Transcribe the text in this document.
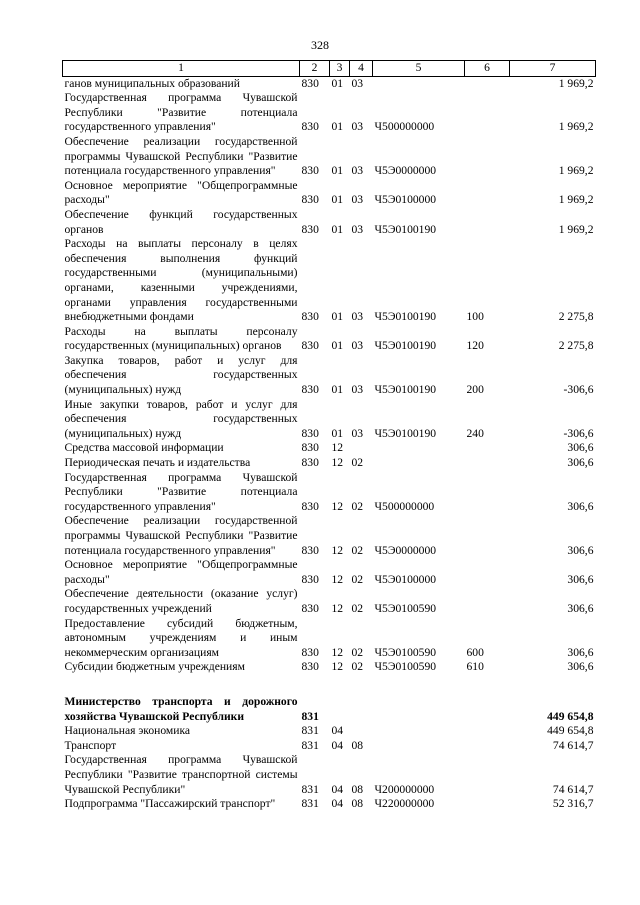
328
1	2	3	4	5	6	7
ганов муниципальных образований	830	01	03			1 969,2
Государственная программа Чувашской Республики "Развитие потенциала государственного управления"	830	01	03	Ч500000000		1 969,2
Обеспечение реализации государственной программы Чувашской Республики "Развитие потенциала государственного управления"	830	01	03	Ч5Э0000000		1 969,2
Основное мероприятие "Общепрограммные расходы"	830	01	03	Ч5Э0100000		1 969,2
Обеспечение функций государственных органов	830	01	03	Ч5Э0100190		1 969,2
Расходы на выплаты персоналу в целях обеспечения выполнения функций государственными (муниципальными) органами, казенными учреждениями, органами управления государственными внебюджетными фондами	830	01	03	Ч5Э0100190	100	2 275,8
Расходы на выплаты персоналу государственных (муниципальных) органов	830	01	03	Ч5Э0100190	120	2 275,8
Закупка товаров, работ и услуг для обеспечения государственных (муниципальных) нужд	830	01	03	Ч5Э0100190	200	-306,6
Иные закупки товаров, работ и услуг для обеспечения государственных (муниципальных) нужд	830	01	03	Ч5Э0100190	240	-306,6
Средства массовой информации	830	12				306,6
Периодическая печать и издательства	830	12	02			306,6
Государственная программа Чувашской Республики "Развитие потенциала государственного управления"	830	12	02	Ч500000000		306,6
Обеспечение реализации государственной программы Чувашской Республики "Развитие потенциала государственного управления"	830	12	02	Ч5Э0000000		306,6
Основное мероприятие "Общепрограммные расходы"	830	12	02	Ч5Э0100000		306,6
Обеспечение деятельности (оказание услуг) государственных учреждений	830	12	02	Ч5Э0100590		306,6
Предоставление субсидий бюджетным, автономным учреждениям и иным некоммерческим организациям	830	12	02	Ч5Э0100590	600	306,6
Субсидии бюджетным учреждениям	830	12	02	Ч5Э0100590	610	306,6

Министерство транспорта и дорожного хозяйства Чувашской Республики	831					449 654,8
Национальная экономика	831	04				449 654,8
Транспорт	831	04	08			74 614,7
Государственная программа Чувашской Республики "Развитие транспортной системы Чувашской Республики"	831	04	08	Ч200000000		74 614,7
Подпрограмма "Пассажирский транспорт"	831	04	08	Ч220000000		52 316,7
